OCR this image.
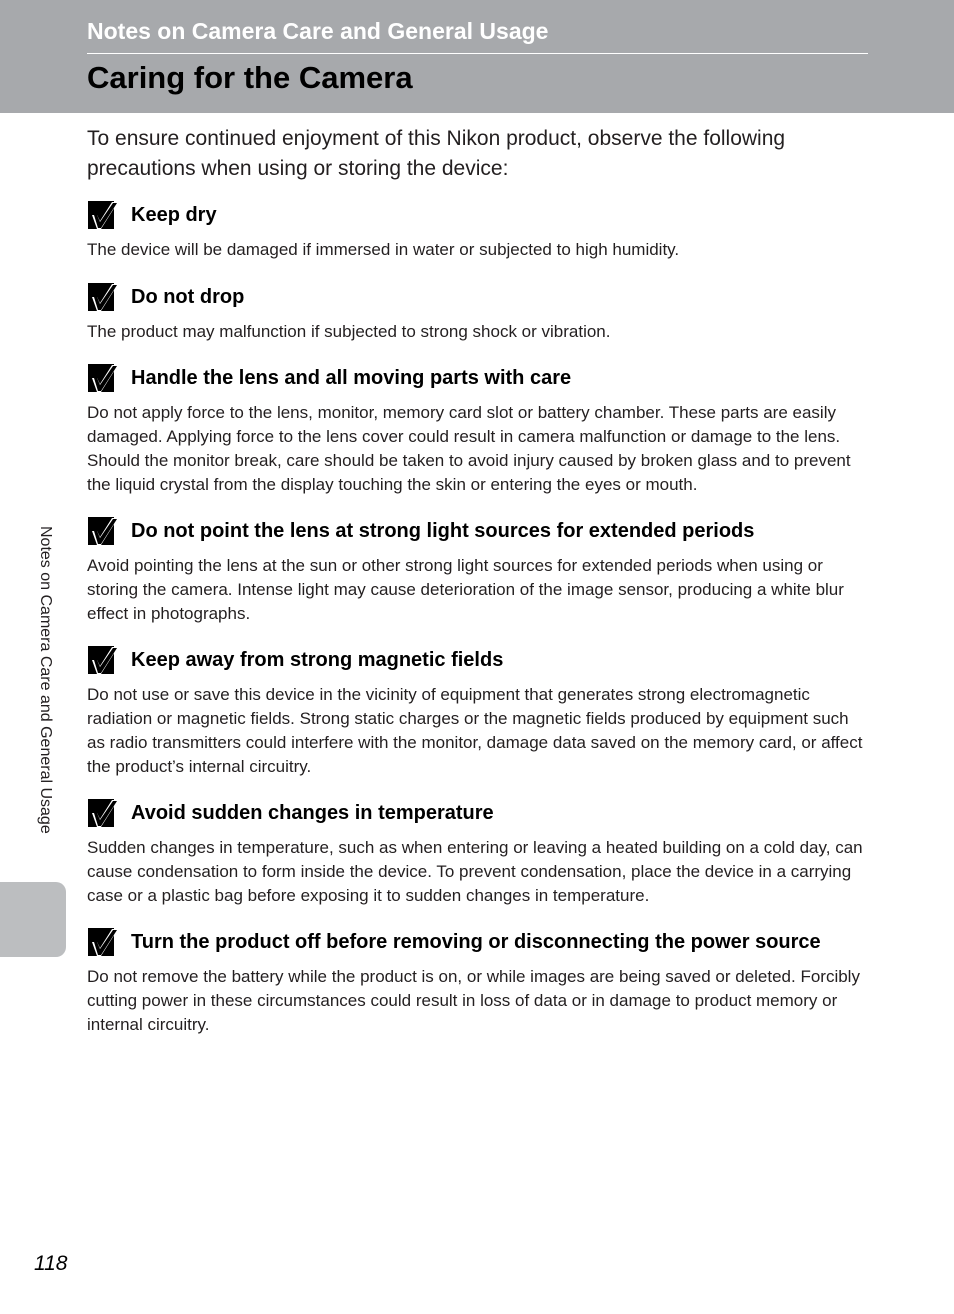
Notes on Camera Care and General Usage
Caring for the Camera

To ensure continued enjoyment of this Nikon product, observe the following precautions when using or storing the device:

Keep dry

The device will be damaged if immersed in water or subjected to high humidity.

Do not drop

The product may malfunction if subjected to strong shock or vibration.

Handle the lens and all moving parts with care

Do not apply force to the lens, monitor, memory card slot or battery chamber. These parts are easily damaged. Applying force to the lens cover could result in camera malfunction or damage to the lens. Should the monitor break, care should be taken to avoid injury caused by broken glass and to prevent the liquid crystal from the display touching the skin or entering the eyes or mouth.

Do not point the lens at strong light sources for extended periods

Avoid pointing the lens at the sun or other strong light sources for extended periods when using or storing the camera. Intense light may cause deterioration of the image sensor, producing a white blur effect in photographs.

Keep away from strong magnetic fields

Do not use or save this device in the vicinity of equipment that generates strong electromagnetic radiation or magnetic fields. Strong static charges or the magnetic fields produced by equipment such as radio transmitters could interfere with the monitor, damage data saved on the memory card, or affect the product’s internal circuitry.

Avoid sudden changes in temperature

Sudden changes in temperature, such as when entering or leaving a heated building on a cold day, can cause condensation to form inside the device. To prevent condensation, place the device in a carrying case or a plastic bag before exposing it to sudden changes in temperature.

Turn the product off before removing or disconnecting the power source

Do not remove the battery while the product is on, or while images are being saved or deleted. Forcibly cutting power in these circumstances could result in loss of data or in damage to product memory or internal circuitry.

Notes on Camera Care and General Usage
118
